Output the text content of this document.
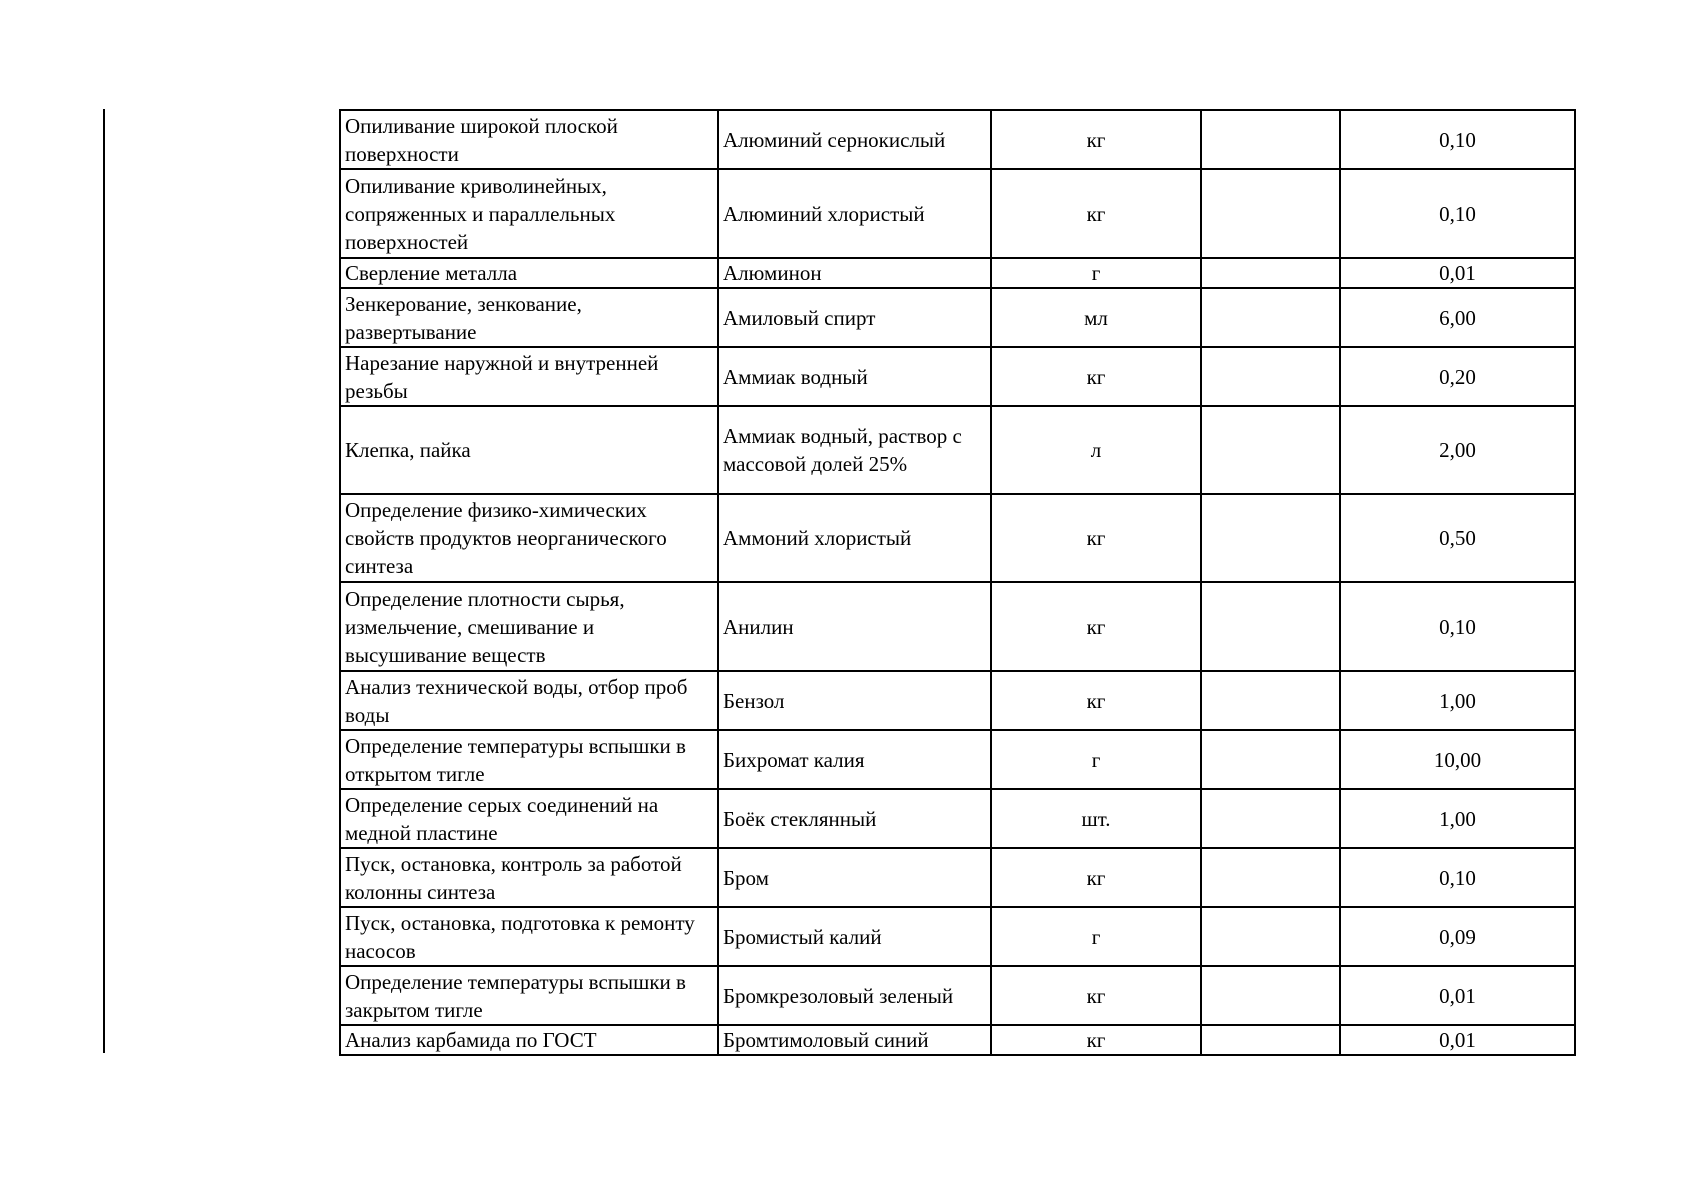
Опиливание широкой плоской поверхности	Алюминий сернокислый	кг		0,10
Опиливание криволинейных, сопряженных и параллельных поверхностей	Алюминий хлористый	кг		0,10
Сверление металла	Алюминон	г		0,01
Зенкерование, зенкование, развертывание	Амиловый спирт	мл		6,00
Нарезание наружной и внутренней резьбы	Аммиак водный	кг		0,20
Клепка, пайка	Аммиак водный, раствор с массовой долей 25%	л		2,00
Определение физико-химических свойств продуктов неорганического синтеза	Аммоний хлористый	кг		0,50
Определение плотности сырья, измельчение, смешивание и высушивание веществ	Анилин	кг		0,10
Анализ технической воды, отбор проб воды	Бензол	кг		1,00
Определение температуры вспышки в открытом тигле	Бихромат калия	г		10,00
Определение серых соединений на медной пластине	Боёк стеклянный	шт.		1,00
Пуск, остановка, контроль за работой колонны синтеза	Бром	кг		0,10
Пуск, остановка, подготовка к ремонту насосов	Бромистый калий	г		0,09
Определение температуры вспышки в закрытом тигле	Бромкрезоловый зеленый	кг		0,01
Анализ карбамида по ГОСТ	Бромтимоловый синий	кг		0,01
